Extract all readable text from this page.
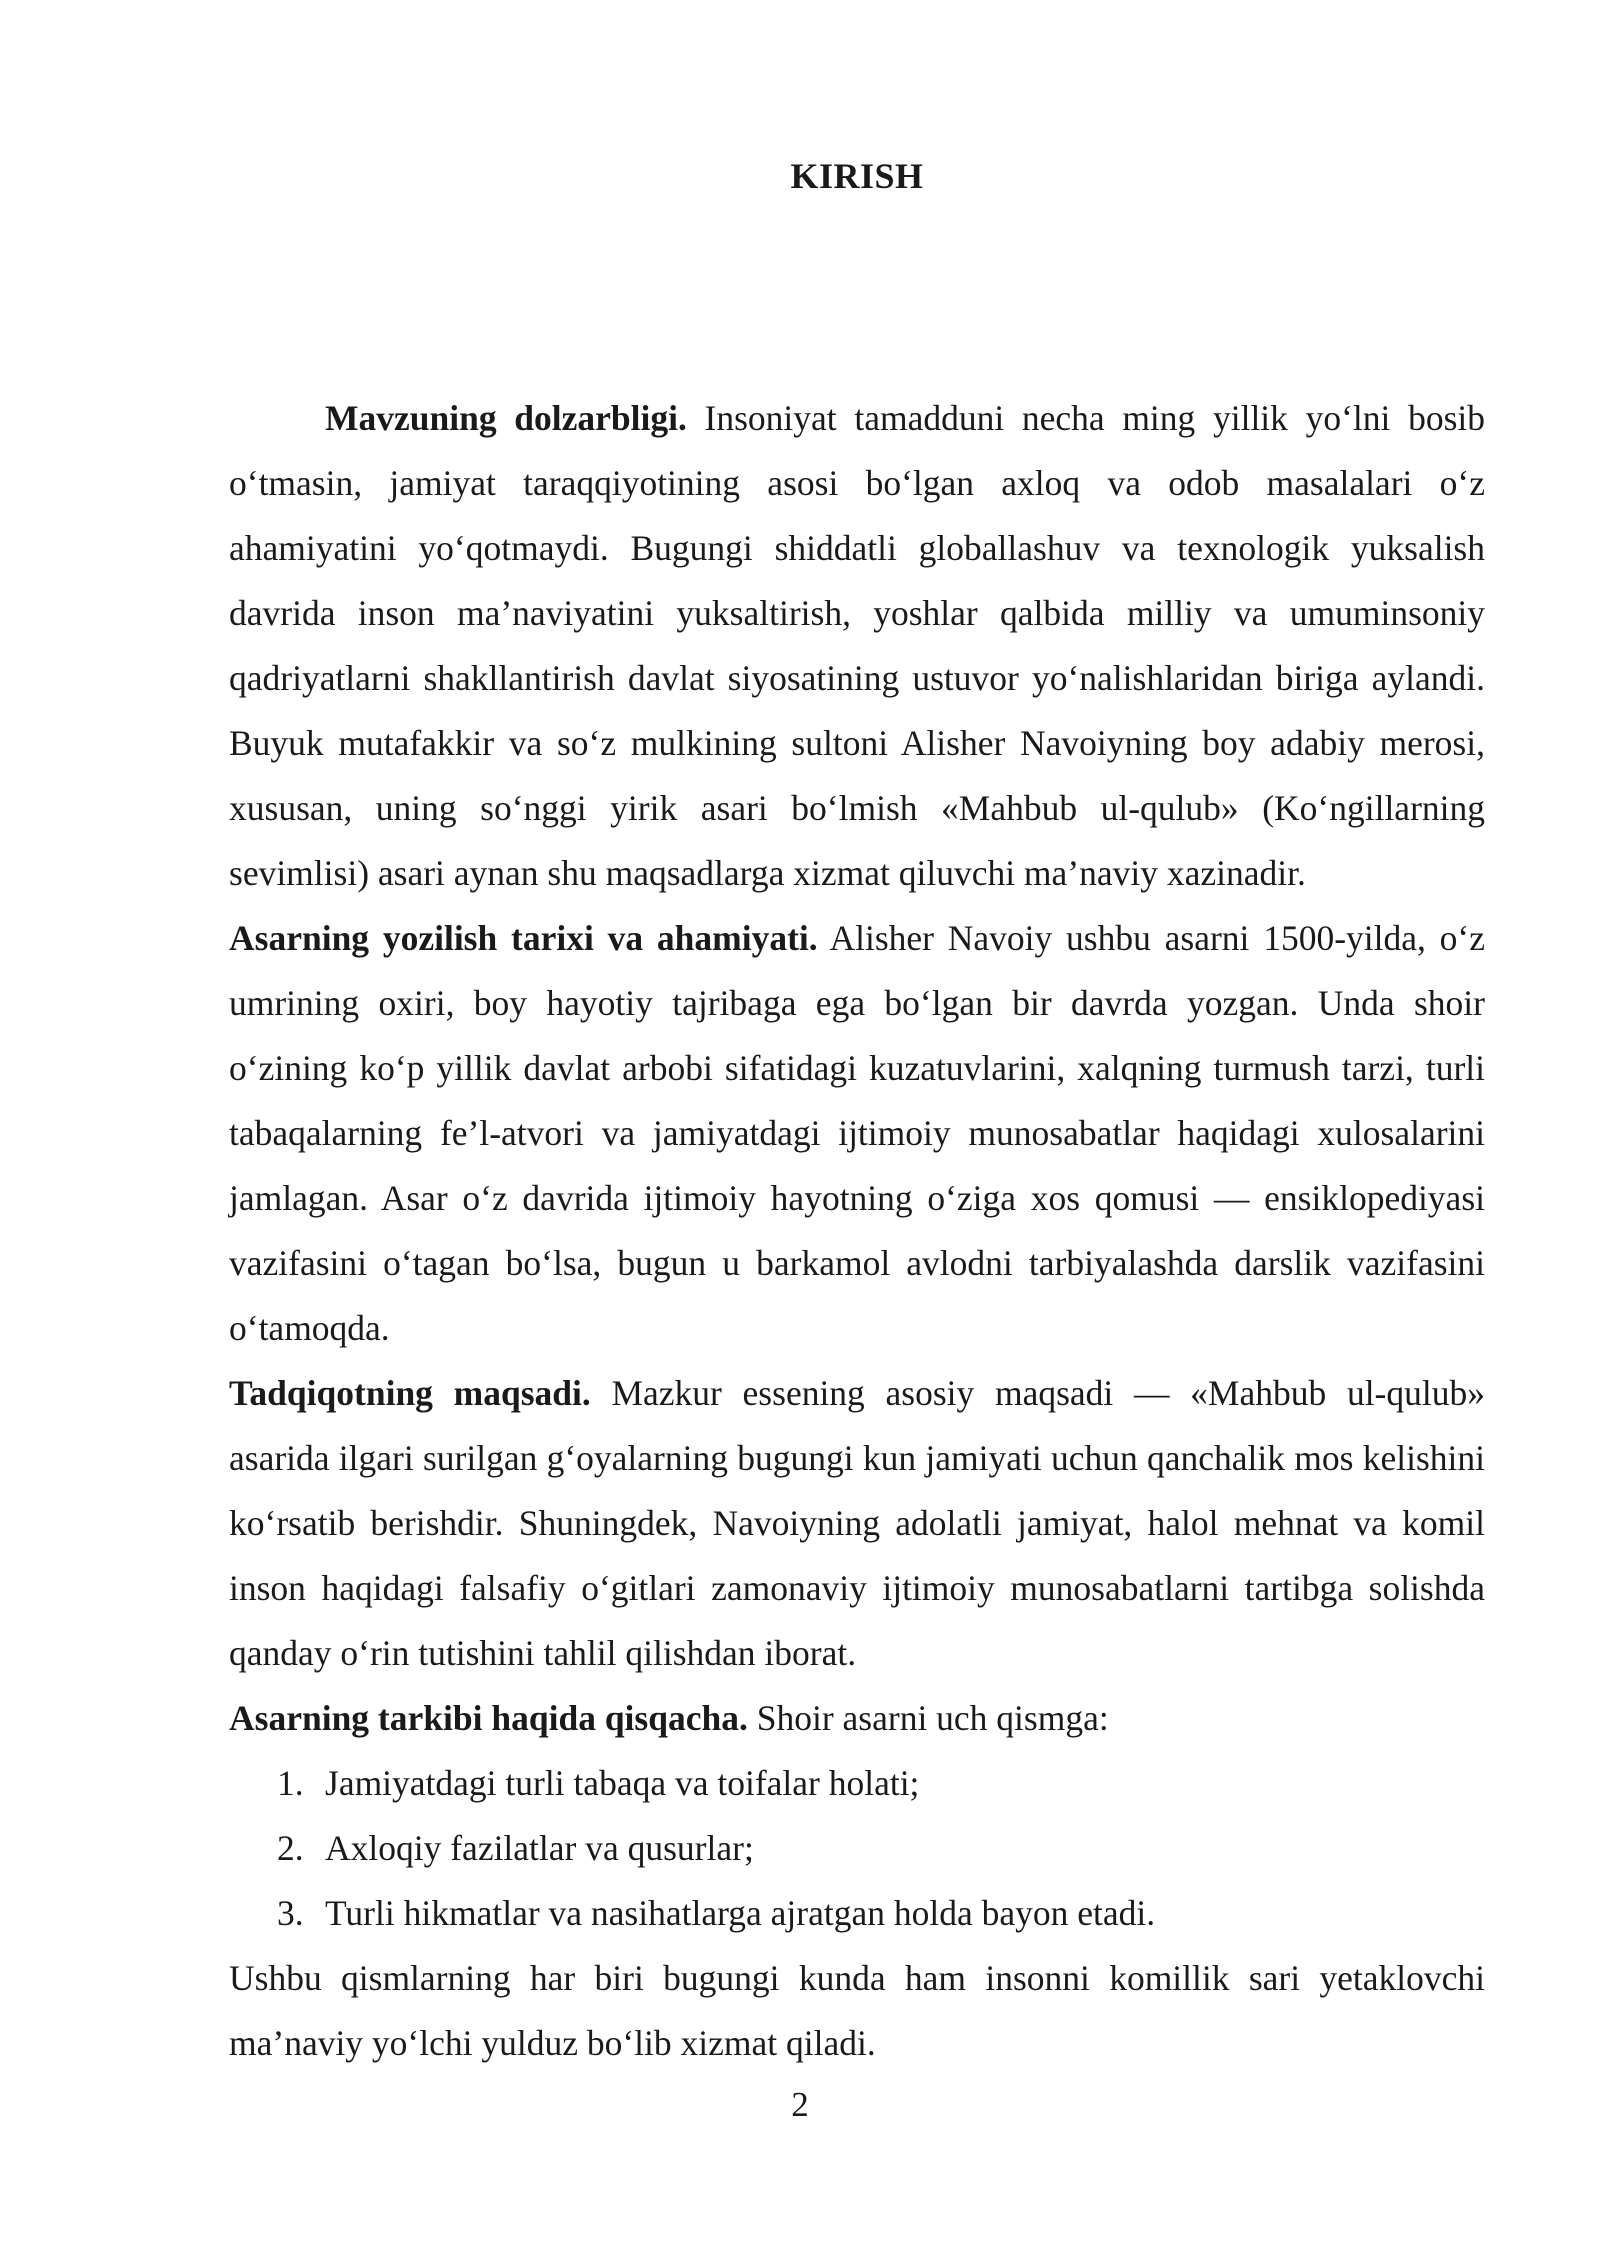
KIRISH

Mavzuning dolzarbligi. Insoniyat tamadduni necha ming yillik yo‘lni bosib o‘tmasin, jamiyat taraqqiyotining asosi bo‘lgan axloq va odob masalalari o‘z ahamiyatini yo‘qotmaydi. Bugungi shiddatli globallashuv va texnologik yuksalish davrida inson ma’naviyatini yuksaltirish, yoshlar qalbida milliy va umuminsoniy qadriyatlarni shakllantirish davlat siyosatining ustuvor yo‘nalishlaridan biriga aylandi. Buyuk mutafakkir va so‘z mulkining sultoni Alisher Navoiyning boy adabiy merosi, xususan, uning so‘nggi yirik asari bo‘lmish «Mahbub ul-qulub» (Ko‘ngillarning sevimlisi) asari aynan shu maqsadlarga xizmat qiluvchi ma’naviy xazinadir.

Asarning yozilish tarixi va ahamiyati. Alisher Navoiy ushbu asarni 1500-yilda, o‘z umrining oxiri, boy hayotiy tajribaga ega bo‘lgan bir davrda yozgan. Unda shoir o‘zining ko‘p yillik davlat arbobi sifatidagi kuzatuvlarini, xalqning turmush tarzi, turli tabaqalarning fe’l-atvori va jamiyatdagi ijtimoiy munosabatlar haqidagi xulosalarini jamlagan. Asar o‘z davrida ijtimoiy hayotning o‘ziga xos qomusi — ensiklopediyasi vazifasini o‘tagan bo‘lsa, bugun u barkamol avlodni tarbiyalashda darslik vazifasini o‘tamoqda.

Tadqiqotning maqsadi. Mazkur essening asosiy maqsadi — «Mahbub ul-qulub» asarida ilgari surilgan g‘oyalarning bugungi kun jamiyati uchun qanchalik mos kelishini ko‘rsatib berishdir. Shuningdek, Navoiyning adolatli jamiyat, halol mehnat va komil inson haqidagi falsafiy o‘gitlari zamonaviy ijtimoiy munosabatlarni tartibga solishda qanday o‘rin tutishini tahlil qilishdan iborat.

Asarning tarkibi haqida qisqacha. Shoir asarni uch qismga:

1. Jamiyatdagi turli tabaqa va toifalar holati;
2. Axloqiy fazilatlar va qusurlar;
3. Turli hikmatlar va nasihatlarga ajratgan holda bayon etadi.

Ushbu qismlarning har biri bugungi kunda ham insonni komillik sari yetaklovchi ma’naviy yo‘lchi yulduz bo‘lib xizmat qiladi.

2
